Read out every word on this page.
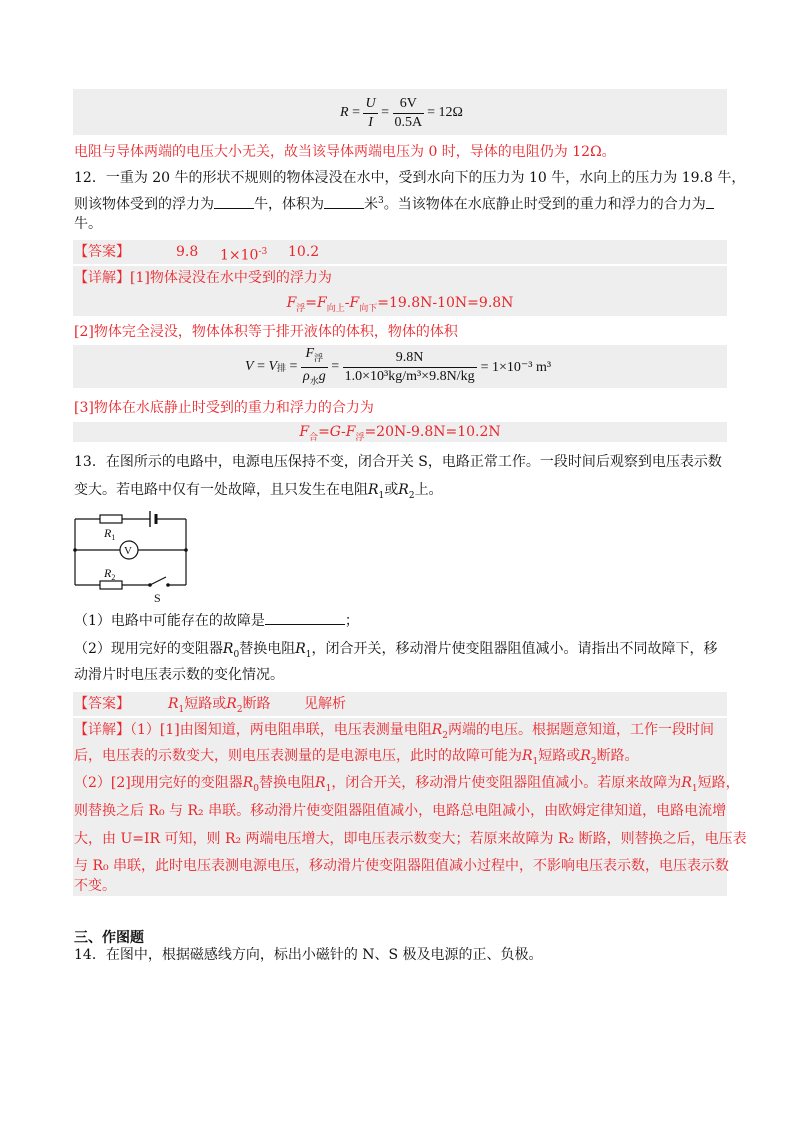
$R = \frac{U}{I} = \frac{6V}{0.5A} = 12\Omega$
电阻与导体两端的电压大小无关，故当该导体两端电压为 0 时，导体的电阻仍为 12Ω。
12．一重为 20 牛的形状不规则的物体浸没在水中，受到水向下的压力为 10 牛，水向上的压力为 19.8 牛，
则该物体受到的浮力为	牛，体积为	米$^3$。当该物体在水底静止时受到的重力和浮力的合力为
牛。
【答案】	9.8 $1\times 10^{-3}$ 10.2
【详解】[1]物体浸没在水中受到的浮力为
$F_浮=F_{向上}-F_{向下}=19.8N-10N=9.8N$
[2]物体完全浸没，物体体积等于排开液体的体积，物体的体积
V = V 排 = $\frac{F_浮}{\rho_水g} = \frac{9.8N}{\text{1.0×10³kg/m³×9.8N/kg}} = 1\times 10^{-3}$ m³
[3]物体在水底静止时受到的重力和浮力的合力为
$F_合=G-F_浮=20N-9.8N=10.2N$
13．在图所示的电路中，电源电压保持不变，闭合开关 S，电路正常工作。一段时间后观察到电压表示数
变大。若电路中仅有一处故障，且只发生在电阻$R_1$或$R_2$上。
$R_1$
V
$R_2$
S
（1）电路中可能存在的故障是	；
（2）现用完好的变阻器$R_0$替换电阻$R_1$，闭合开关，移动滑片使变阻器阻值减小。请指出不同故障下，移
动滑片时电压表示数的变化情况。
【答案】	$R_1$短路或$R_2$断路 见解析
【详解】（1）[1]由图知道，两电阻串联，电压表测量电阻$R_2$两端的电压。根据题意知道，工作一段时间
后，电压表的示数变大，则电压表测量的是电源电压，此时的故障可能为$R_1$短路或$R_2$断路。
（2）[2]现用完好的变阻器$R_0$替换电阻$R_1$，闭合开关，移动滑片使变阻器阻值减小。若原来故障为$R_1$短路，
则替换之后 R₀ 与 R₂ 串联。移动滑片使变阻器阻值减小，电路总电阻减小，由欧姆定律知道，电路电流增
大，由 U=IR 可知，则 R₂ 两端电压增大，即电压表示数变大；若原来故障为 R₂ 断路，则替换之后，电压表
与 R₀ 串联，此时电压表测电源电压，移动滑片使变阻器阻值减小过程中，不影响电压表示数，电压表示数
不变。
三、作图题
14．在图中，根据磁感线方向，标出小磁针的 N、S 极及电源的正、负极。
